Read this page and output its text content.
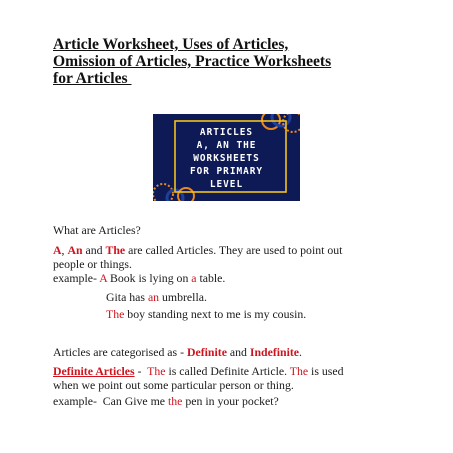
Article Worksheet, Uses of Articles,
Omission of Articles, Practice Worksheets
for Articles
ARTICLES
A, AN THE
WORKSHEETS
FOR PRIMARY
LEVEL

What are Articles?

A, An and The are called Articles. They are used to point out
people or things.

example- A Book is lying on a table.

Gita has an umbrella.

The boy standing next to me is my cousin.

Articles are categorised as - Definite and Indefinite.

Definite Articles -  The is called Definite Article. The is used
when we point out some particular person or thing.

example-  Can Give me the pen in your pocket?
